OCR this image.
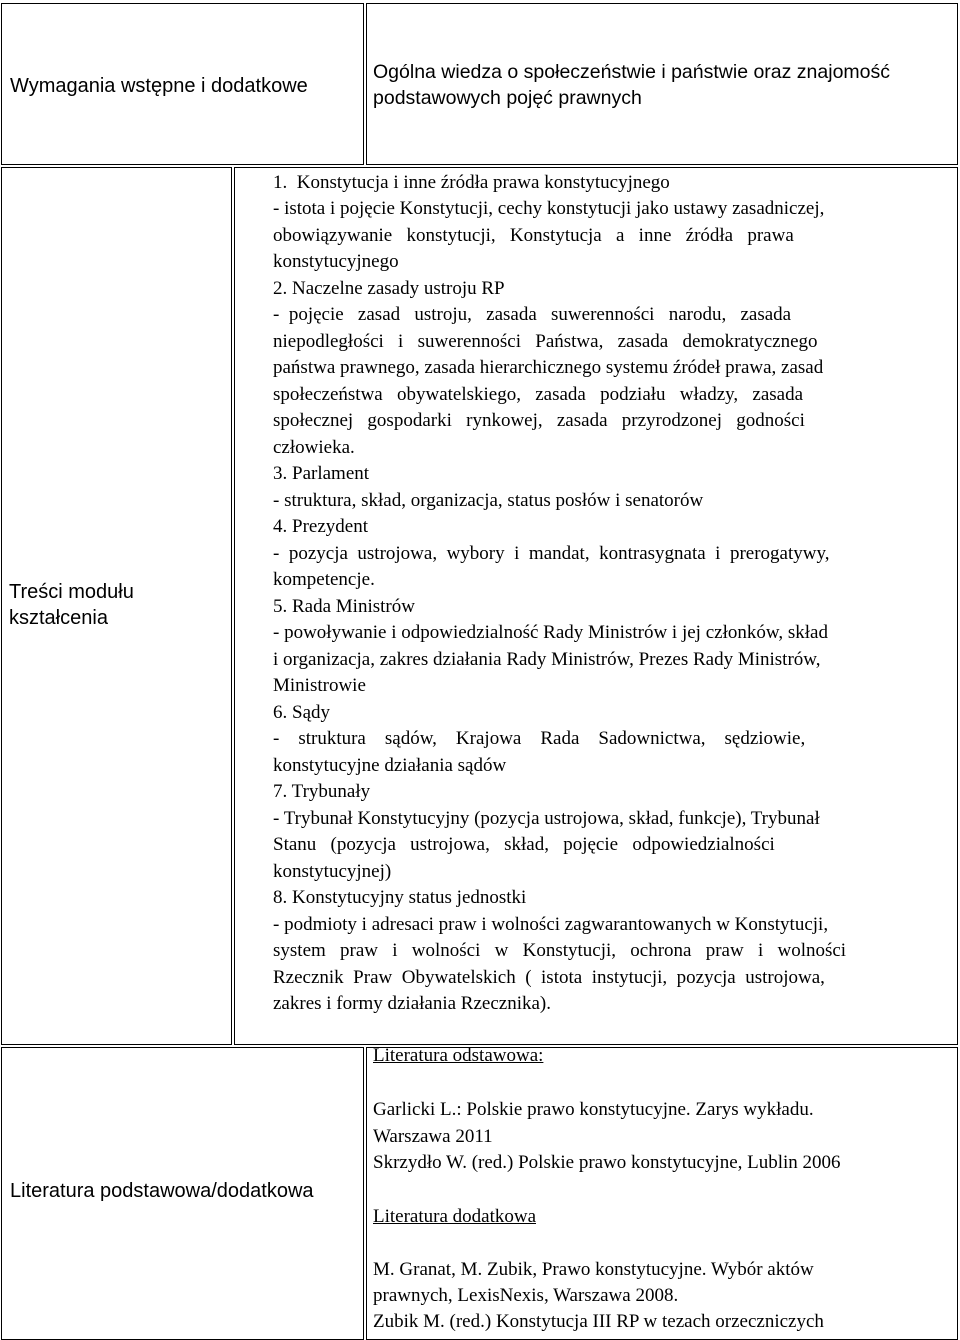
Wymagania wstępne i dodatkowe
Ogólna wiedza o społeczeństwie i państwie oraz znajomość
podstawowych pojęć prawnych
Treści modułu
kształcenia
1.  Konstytucja i inne źródła prawa konstytucyjnego
- istota i pojęcie Konstytucji, cechy konstytucji jako ustawy zasadniczej,
obowiązywanie   konstytucji,   Konstytucja   a   inne   źródła   prawa
konstytucyjnego
2. Naczelne zasady ustroju RP
-  pojęcie   zasad   ustroju,   zasada   suwerenności   narodu,   zasada
niepodległości   i   suwerenności   Państwa,   zasada   demokratycznego
państwa prawnego, zasada hierarchicznego systemu źródeł prawa, zasad
społeczeństwa   obywatelskiego,   zasada   podziału   władzy,   zasada
społecznej   gospodarki   rynkowej,   zasada   przyrodzonej   godności
człowieka.
3. Parlament
- struktura, skład, organizacja, status posłów i senatorów
4. Prezydent
-  pozycja  ustrojowa,  wybory  i  mandat,  kontrasygnata  i  prerogatywy,
kompetencje.
5. Rada Ministrów
- powoływanie i odpowiedzialność Rady Ministrów i jej członków, skład
i organizacja, zakres działania Rady Ministrów, Prezes Rady Ministrów,
Ministrowie
6. Sądy
-    struktura    sądów,    Krajowa    Rada    Sadownictwa,    sędziowie,
konstytucyjne działania sądów
7. Trybunały
- Trybunał Konstytucyjny (pozycja ustrojowa, skład, funkcje), Trybunał
Stanu   (pozycja   ustrojowa,   skład,   pojęcie   odpowiedzialności
konstytucyjnej)
8. Konstytucyjny status jednostki
- podmioty i adresaci praw i wolności zagwarantowanych w Konstytucji,
system   praw   i   wolności   w   Konstytucji,   ochrona   praw   i   wolności
Rzecznik  Praw  Obywatelskich  (  istota  instytucji,  pozycja  ustrojowa,
zakres i formy działania Rzecznika).
Literatura podstawowa/dodatkowa
Literatura odstawowa:
Garlicki L.: Polskie prawo konstytucyjne. Zarys wykładu.
Warszawa 2011
Skrzydło W. (red.) Polskie prawo konstytucyjne, Lublin 2006
Literatura dodatkowa
M. Granat, M. Zubik, Prawo konstytucyjne. Wybór aktów
prawnych, LexisNexis, Warszawa 2008.
Zubik M. (red.) Konstytucja III RP w tezach orzeczniczych
